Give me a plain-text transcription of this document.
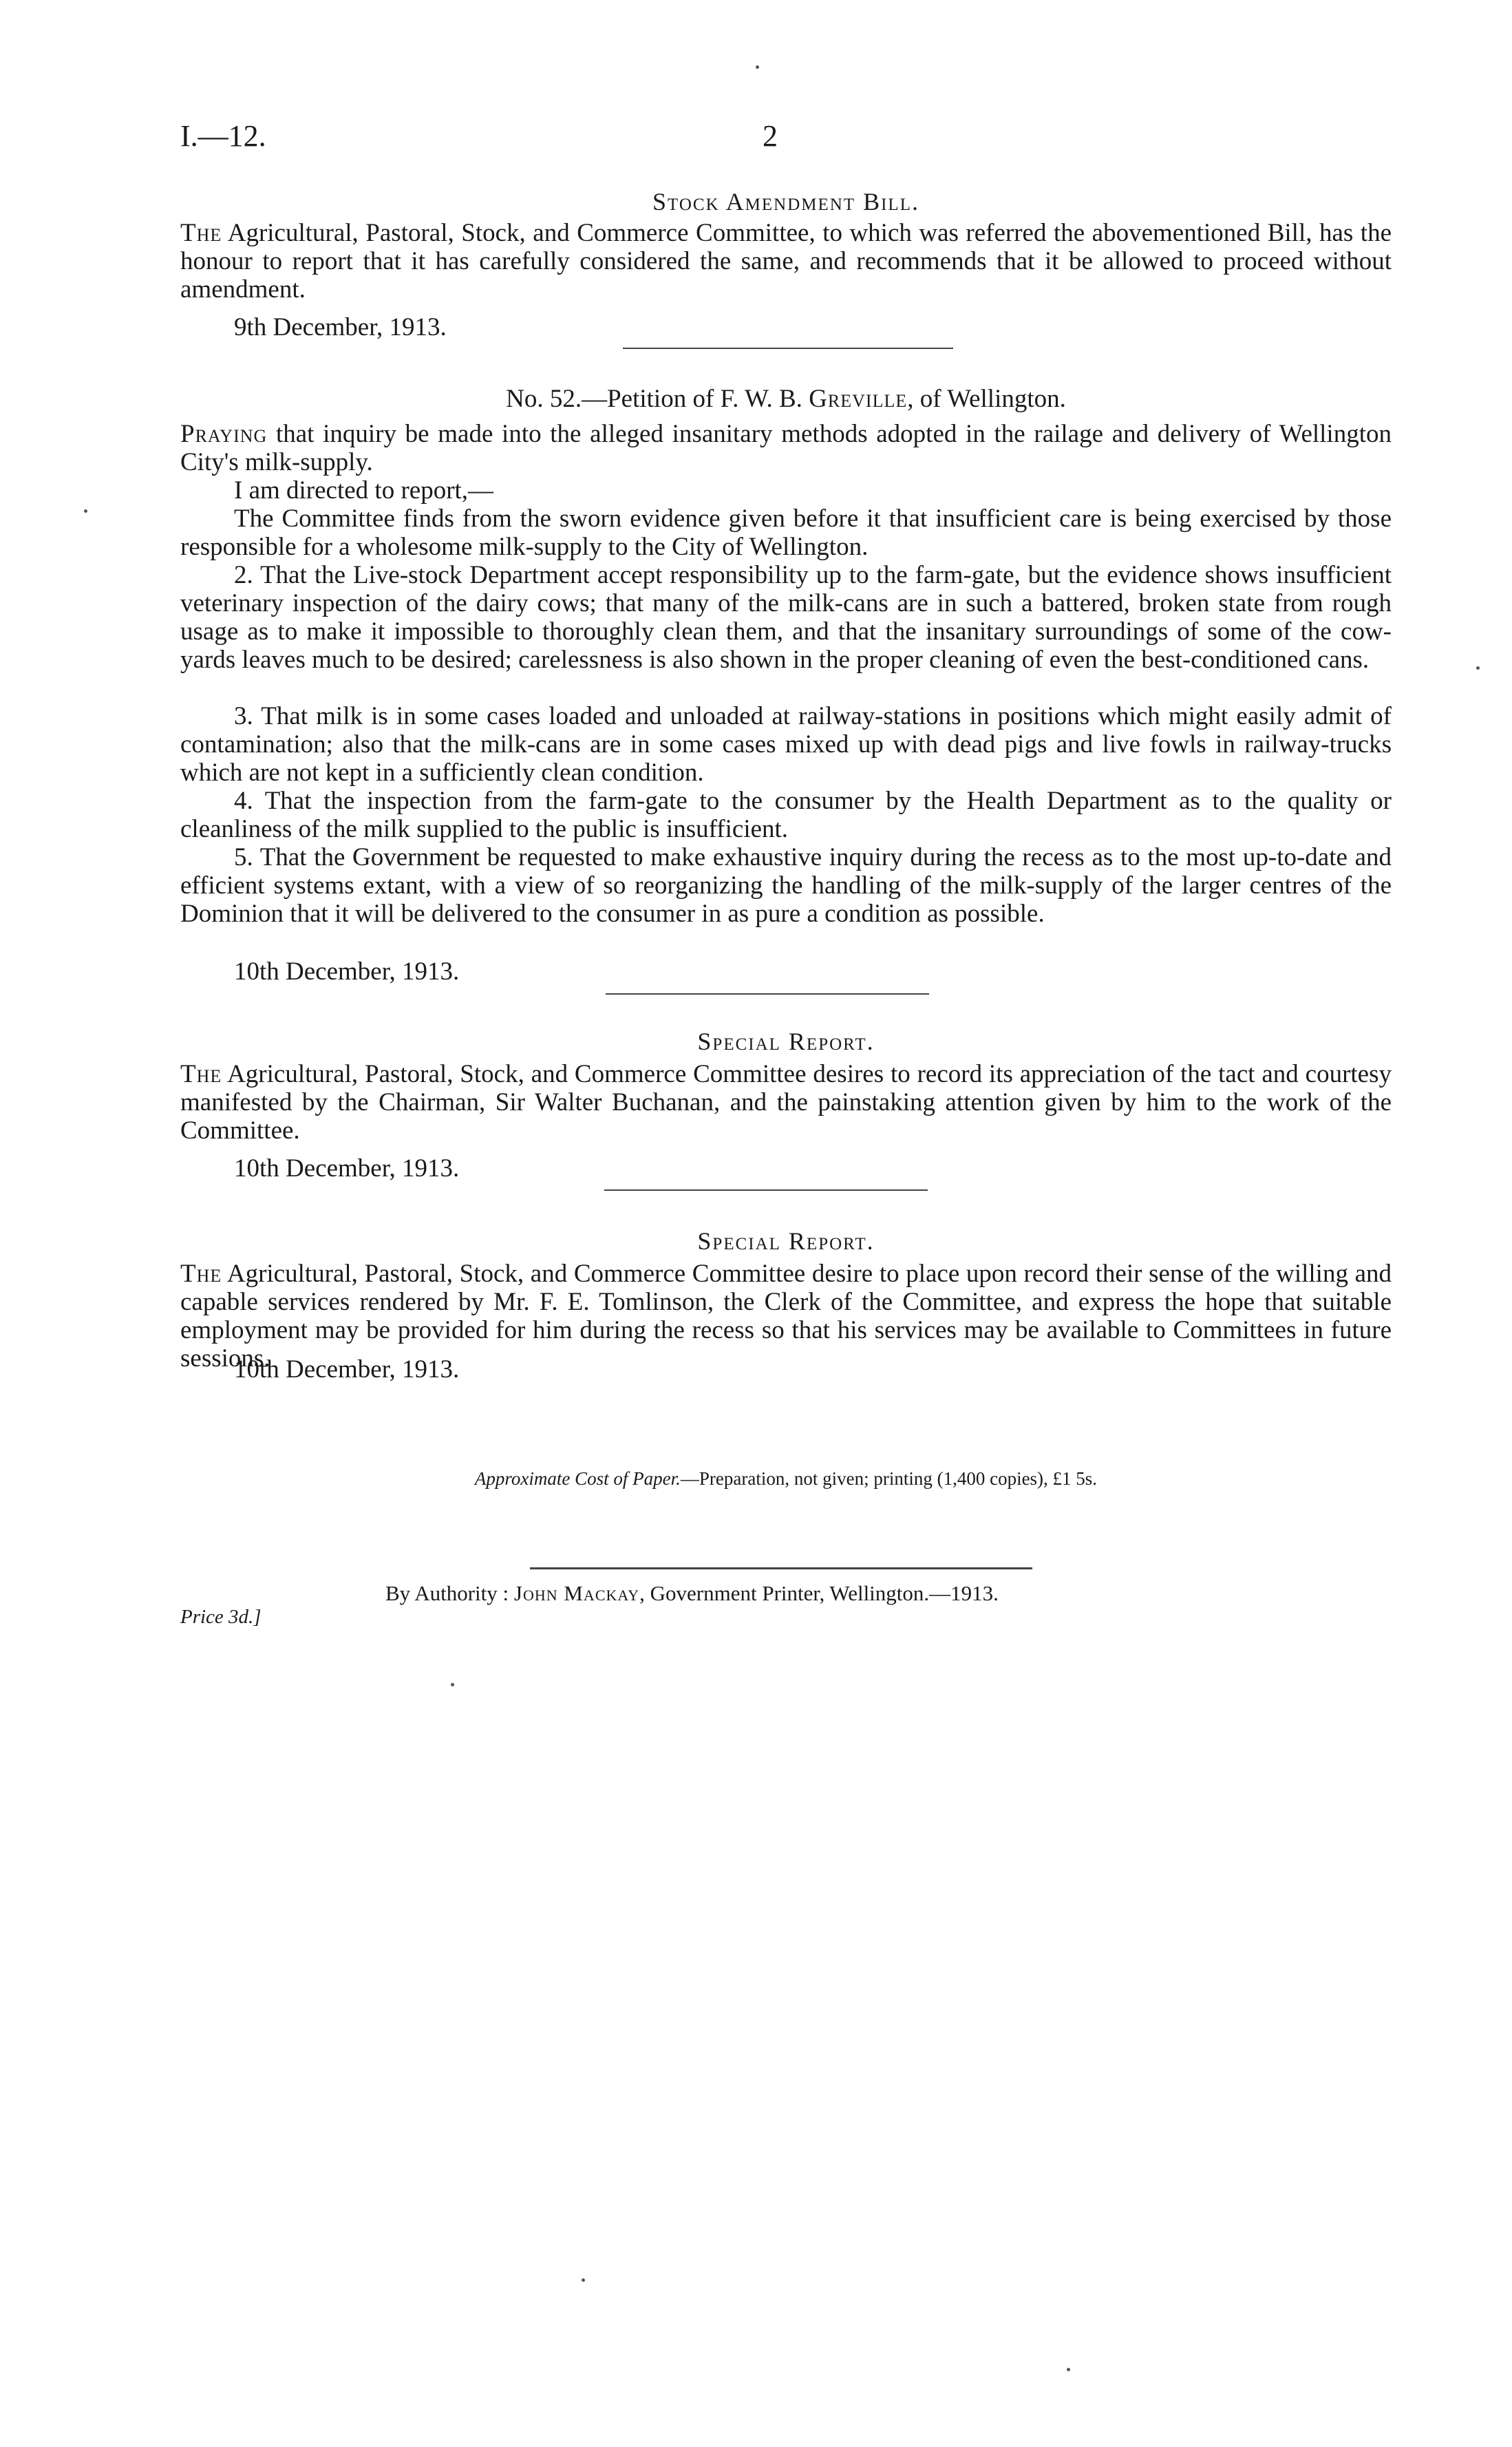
I.—12.	2
Stock Amendment Bill.

The Agricultural, Pastoral, Stock, and Commerce Committee, to which was referred the abovementioned Bill, has the honour to report that it has carefully considered the same, and recommends that it be allowed to proceed without amendment.

9th December, 1913.
No. 52.—Petition of F. W. B. Greville, of Wellington.

Praying that inquiry be made into the alleged insanitary methods adopted in the railage and delivery of Wellington City's milk-supply.

I am directed to report,—

The Committee finds from the sworn evidence given before it that insufficient care is being exercised by those responsible for a wholesome milk-supply to the City of Wellington.

2. That the Live-stock Department accept responsibility up to the farm-gate, but the evidence shows insufficient veterinary inspection of the dairy cows; that many of the milk-cans are in such a battered, broken state from rough usage as to make it impossible to thoroughly clean them, and that the insanitary surroundings of some of the cow-yards leaves much to be desired; carelessness is also shown in the proper cleaning of even the best-conditioned cans.

3. That milk is in some cases loaded and unloaded at railway-stations in positions which might easily admit of contamination; also that the milk-cans are in some cases mixed up with dead pigs and live fowls in railway-trucks which are not kept in a sufficiently clean condition.

4. That the inspection from the farm-gate to the consumer by the Health Department as to the quality or cleanliness of the milk supplied to the public is insufficient.

5. That the Government be requested to make exhaustive inquiry during the recess as to the most up-to-date and efficient systems extant, with a view of so reorganizing the handling of the milk-supply of the larger centres of the Dominion that it will be delivered to the consumer in as pure a condition as possible.

10th December, 1913.
Special Report.

The Agricultural, Pastoral, Stock, and Commerce Committee desires to record its appreciation of the tact and courtesy manifested by the Chairman, Sir Walter Buchanan, and the painstaking attention given by him to the work of the Committee.

10th December, 1913.
Special Report.

The Agricultural, Pastoral, Stock, and Commerce Committee desire to place upon record their sense of the willing and capable services rendered by Mr. F. E. Tomlinson, the Clerk of the Committee, and express the hope that suitable employment may be provided for him during the recess so that his services may be available to Committees in future sessions.

10th December, 1913.
Approximate Cost of Paper.—Preparation, not given; printing (1,400 copies), £1 5s.
By Authority : John Mackay, Government Printer, Wellington.—1913.
Price 3d.]
